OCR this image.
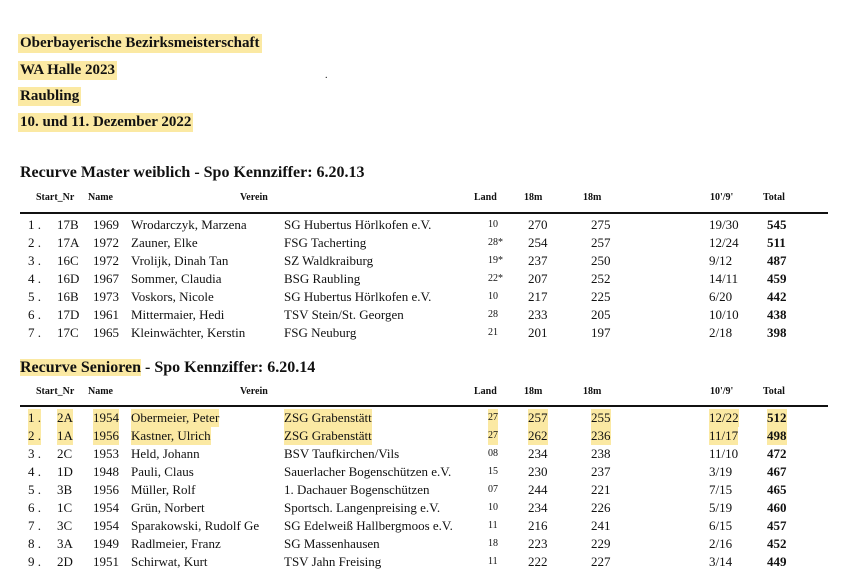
Oberbayerische Bezirksmeisterschaft
WA Halle 2023
Raubling
10. und 11. Dezember 2022
.
Recurve Master weiblich - Spo Kennziffer: 6.20.13
Start_Nr Name	Verein	Land	18m	18m	10'/9'	Total
1 . 17B 1969 Wrodarczyk, Marzena	SG Hubertus Hörlkofen e.V.	10 270	275	19/30 545
2 . 17A 1972 Zauner, Elke	FSG Tacherting	28* 254	257	12/24 511
3 . 16C 1972 Vrolijk, Dinah Tan	SZ Waldkraiburg	19* 237	250	9/12	487
4 . 16D 1967 Sommer, Claudia	BSG Raubling	22* 207	252	14/11 459
5 . 16B 1973 Voskors, Nicole	SG Hubertus Hörlkofen e.V.	10 217	225	6/20	442
6 . 17D 1961 Mittermaier, Hedi	TSV Stein/St. Georgen	28 233	205	10/10 438
7 . 17C 1965 Kleinwächter, Kerstin	FSG Neuburg	21 201	197	2/18	398
Recurve Senioren - Spo Kennziffer: 6.20.14
Start_Nr Name	Verein	Land	18m	18m	10'/9'	Total
1 . 2A 1954 Obermeier, Peter	ZSG Grabenstätt	27 257	255	12/22 512
2 . 1A 1956 Kastner, Ulrich	ZSG Grabenstätt	27 262	236	11/17 498
3 . 2C 1953 Held, Johann	BSV Taufkirchen/Vils	08 234	238	11/10 472
4 . 1D 1948 Pauli, Claus	Sauerlacher Bogenschützen e.V.	15 230	237	3/19	467
5 . 3B 1956 Müller, Rolf	1. Dachauer Bogenschützen	07 244	221	7/15	465
6 . 1C 1954 Grün, Norbert	Sportsch. Langenpreising e.V.	10 234	226	5/19	460
7 . 3C 1954 Sparakowski, Rudolf Ge SG Edelweiß Hallbergmoos e.V.	11 216	241	6/15	457
8 . 3A 1949 Radlmeier, Franz	SG Massenhausen	18 223	229	2/16	452
9 . 2D 1951 Schirwat, Kurt	TSV Jahn Freising	11 222	227	3/14	449
